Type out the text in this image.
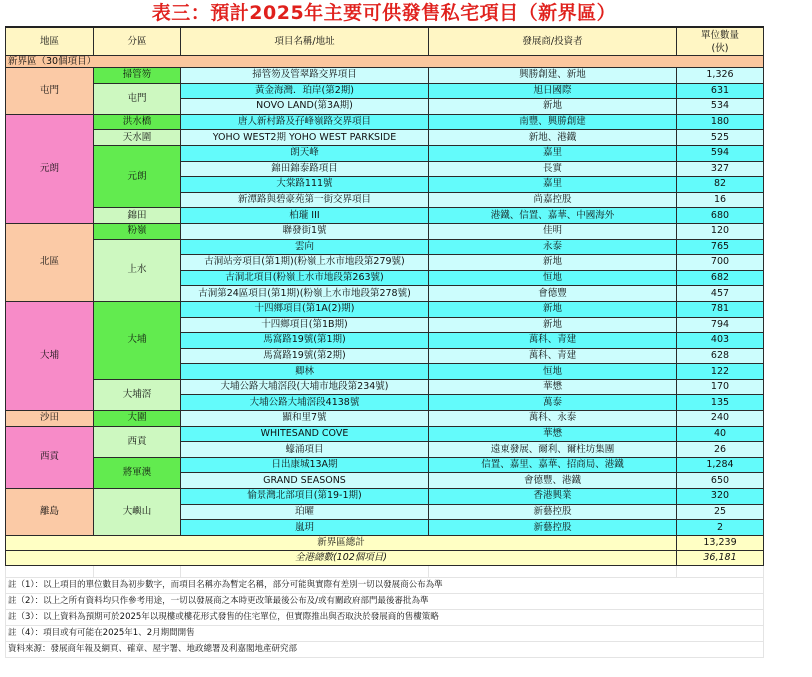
表三：預計2025年主要可供發售私宅項目（新界區）
地區	分區	項目名稱/地址	發展商/投資者	單位數量
(伙)
新界區（30個項目）				
屯門	掃管笏	掃管笏及管翠路交界項目	興勝創建、新地	1,326
	屯門	黃金海灣．珀岸(第2期)	旭日國際	631
		NOVO LAND(第3A期)	新地	534
元朗	洪水橋	唐人新村路及孖峰嶺路交界項目	南豐、興勝創建	180
	天水圍	YOHO WEST2期 YOHO WEST PARKSIDE	新地、港鐵	525
	元朗	朗天峰	嘉里	594
		錦田錦泰路項目	長實	327
		大棠路111號	嘉里	82
		新潭路與碧豪苑第一街交界項目	尚嘉控股	16
	錦田	柏瓏 III	港鐵、信置、嘉華、中國海外	680
北區	粉嶺	聯發街1號	佳明	120
	上水	雲向	永泰	765
		古洞站旁項目(第1期)(粉嶺上水市地段第279號)	新地	700
		古洞北項目(粉嶺上水市地段第263號)	恒地	682
		古洞第24區項目(第1期)(粉嶺上水市地段第278號)	會德豐	457
大埔	大埔	十四鄉項目(第1A(2)期)	新地	781
		十四鄉項目(第1B期)	新地	794
		馬窩路19號(第1期)	萬科、青建	403
		馬窩路19號(第2期)	萬科、青建	628
		卿林	恒地	122
	大埔滘	大埔公路大埔滘段(大埔市地段第234號)	華懋	170
		大埔公路大埔滘段4138號	萬泰	135
沙田	大圍	顯和里7號	萬科、永泰	240
西貢	西貢	WHITESAND COVE	華懋	40
		蠔涌項目	遠東發展、爾利、爾柱坊集團	26
	將軍澳	日出康城13A期	信置、嘉里、嘉華、招商局、港鐵	1,284
		GRAND SEASONS	會德豐、港鐵	650
離島	大嶼山	愉景灣北部項目(第19-1期)	香港興業	320
		珀曜	新藝控股	25
		嵐玥	新藝控股	2
新界區總計				13,239
全港總數(102個項目)				36,181

註（1）：以上項目的單位數目為初步數字，而項目名稱亦為暫定名稱，部分可能與實際有差別一切以發展商公布為準				
註（2）：以上之所有資料均只作參考用途，一切以發展商之本時更改筆最後公布及/或有關政府部門最後審批為準				
註（3）：以上資料為預期可於2025年以現樓或樓花形式發售的住宅單位，但實際推出與否取決於發展商的售樓策略				
註（4）：項目或有可能在2025年1、2月期間開售				
資料來源：發展商年報及網頁、確章、屋宇署、地政總署及利嘉閣地產研究部				
